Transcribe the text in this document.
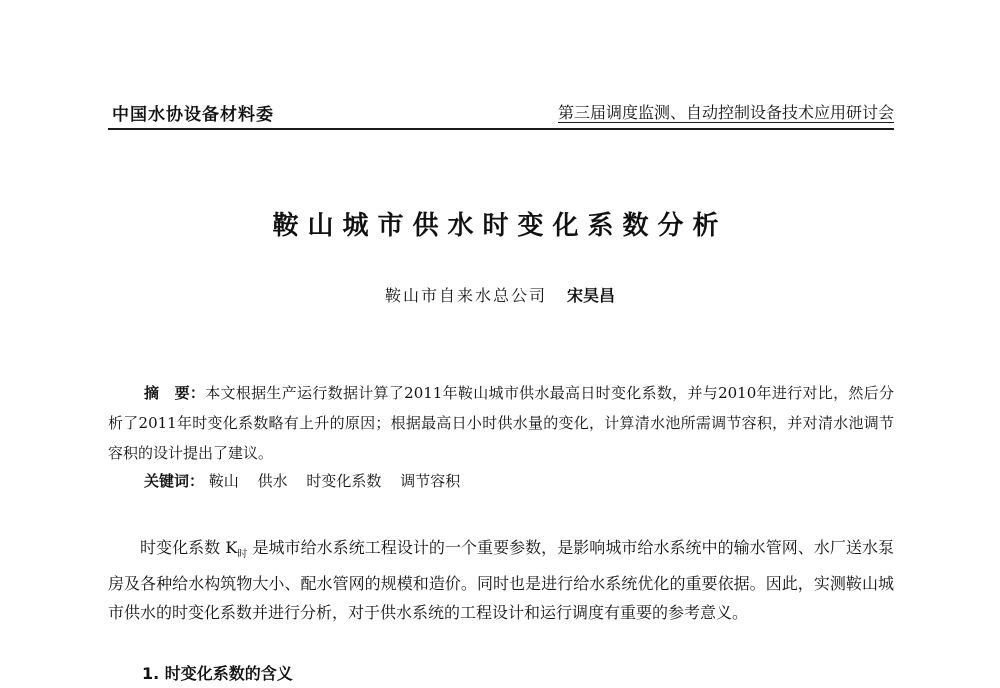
中国水协设备材料委	第三届调度监测、自动控制设备技术应用研讨会
鞍山城市供水时变化系数分析
鞍山市自来水总公司 宋昊昌
摘　要：本文根据生产运行数据计算了2011年鞍山城市供水最高日时变化系数，并与2010年进行对比，然后分析了2011年时变化系数略有上升的原因；根据最高日小时供水量的变化，计算清水池所需调节容积，并对清水池调节容积的设计提出了建议。
关键词： 鞍山 供水 时变化系数 调节容积
时变化系数 $K_时$ 是城市给水系统工程设计的一个重要参数，是影响城市给水系统中的输水管网、水厂送水泵房及各种给水构筑物大小、配水管网的规模和造价。同时也是进行给水系统优化的重要依据。因此，实测鞍山城市供水的时变化系数并进行分析，对于供水系统的工程设计和运行调度有重要的参考意义。
1. 时变化系数的含义
